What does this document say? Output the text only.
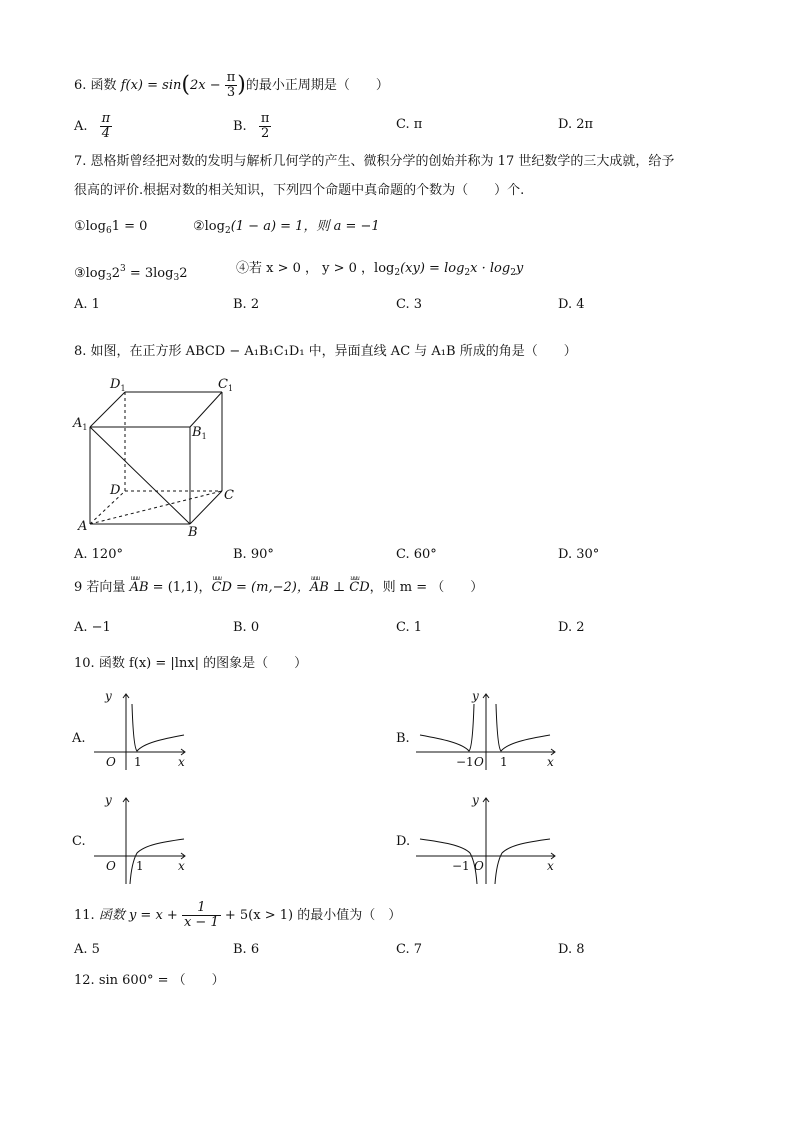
6. 函数 $f(x) = \sin(2x - \frac{\pi}{3}$ )的最小正周期是（　　）
A. $\frac{\pi}{4}$	B. $\frac{\pi}{2}$	C. π	D. 2π
7. 恩格斯曾经把对数的发明与解析几何学的产生、微积分学的创始并称为 17 世纪数学的三大成就，给予
很高的评价.根据对数的相关知识，下列四个命题中真命题的个数为（　　）个.
$①\log_61 = 0$	$②\log_2(1 - a) = 1$，则 a = −1
$③\log_32^3 = 3\log_32$	④若 x > 0 ， y > 0 ，$\log_2(xy) = \log_2x \cdot \log_2y$
A. 1	B. 2	C. 3	D. 4
8. 如图，在正方形 ABCD − A₁B₁C₁D₁ 中，异面直线 AC 与 A₁B 所成的角是（　　）
$D_1$	$C_1$
$A_1$	$B_1$
D	C
A	B
A. 120°	B. 90°	C. 60°	D. 30°
9 若向量 uuu AB = (1,1)，uuu CD = (m,−2)，uuu AB ⊥ uuu CD，则 m = （　　）
A. −1	B. 0	C. 1	D. 2
10. 函数 f(x) = |lnx| 的图象是（　　）
A.
y
x
O 1
B.
y
x
O
−1 1
C.
y
x
O 1
D.
y
x
O
−1
11. 函数 $y = x + \frac{1}{x - 1} + 5(x > 1)$ 的最小值为（　）
A. 5	B. 6	C. 7	D. 8
12. sin 600° = （　　）
